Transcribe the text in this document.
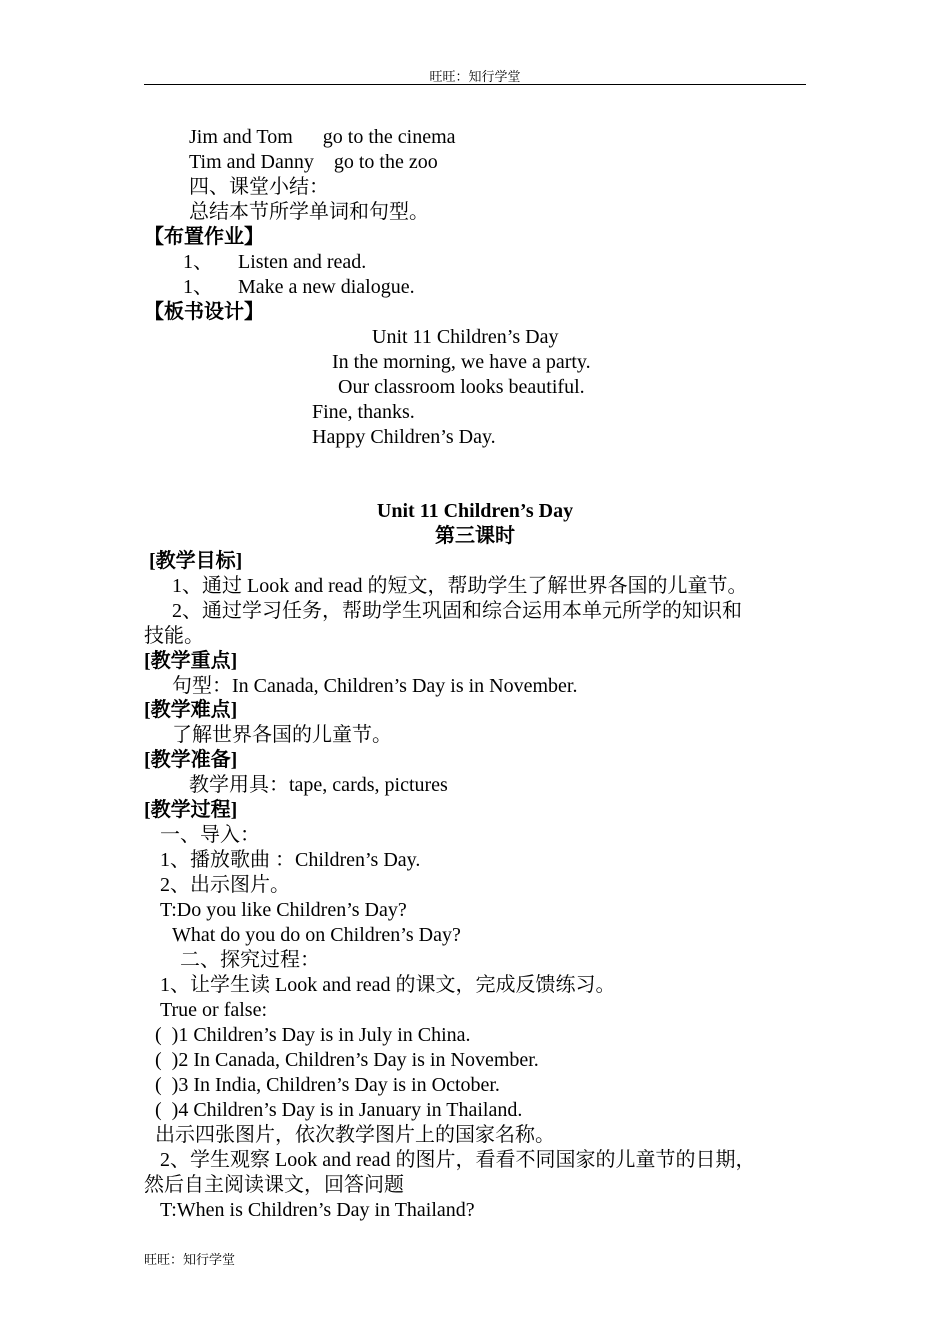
旺旺：知行学堂
Jim and Tom      go to the cinema
Tim and Danny    go to the zoo
四、课堂小结：
总结本节所学单词和句型。
【布置作业】
1、     Listen and read.
1、     Make a new dialogue.
【板书设计】
Unit 11 Children’s Day
In the morning, we have a party.
Our classroom looks beautiful.
Fine, thanks.
Happy Children’s Day.
Unit 11 Children’s Day
第三课时
[教学目标]
1、通过 Look and read 的短文，帮助学生了解世界各国的儿童节。
2、通过学习任务，帮助学生巩固和综合运用本单元所学的知识和
技能。
[教学重点]
句型：In Canada, Children’s Day is in November.
[教学难点]
了解世界各国的儿童节。
[教学准备]
教学用具：tape, cards, pictures
[教学过程]
一、导入：
1、播放歌曲 ：Children’s Day.
2、出示图片。
T:Do you like Children’s Day?
What do you do on Children’s Day?
二、探究过程：
1、让学生读 Look and read 的课文，完成反馈练习。
True or false:
(  )1 Children’s Day is in July in China.
(  )2 In Canada, Children’s Day is in November.
(  )3 In India, Children’s Day is in October.
(  )4 Children’s Day is in January in Thailand.
出示四张图片，依次教学图片上的国家名称。
2、学生观察 Look and read 的图片，看看不同国家的儿童节的日期，
然后自主阅读课文，回答问题
T:When is Children’s Day in Thailand?
旺旺：知行学堂
